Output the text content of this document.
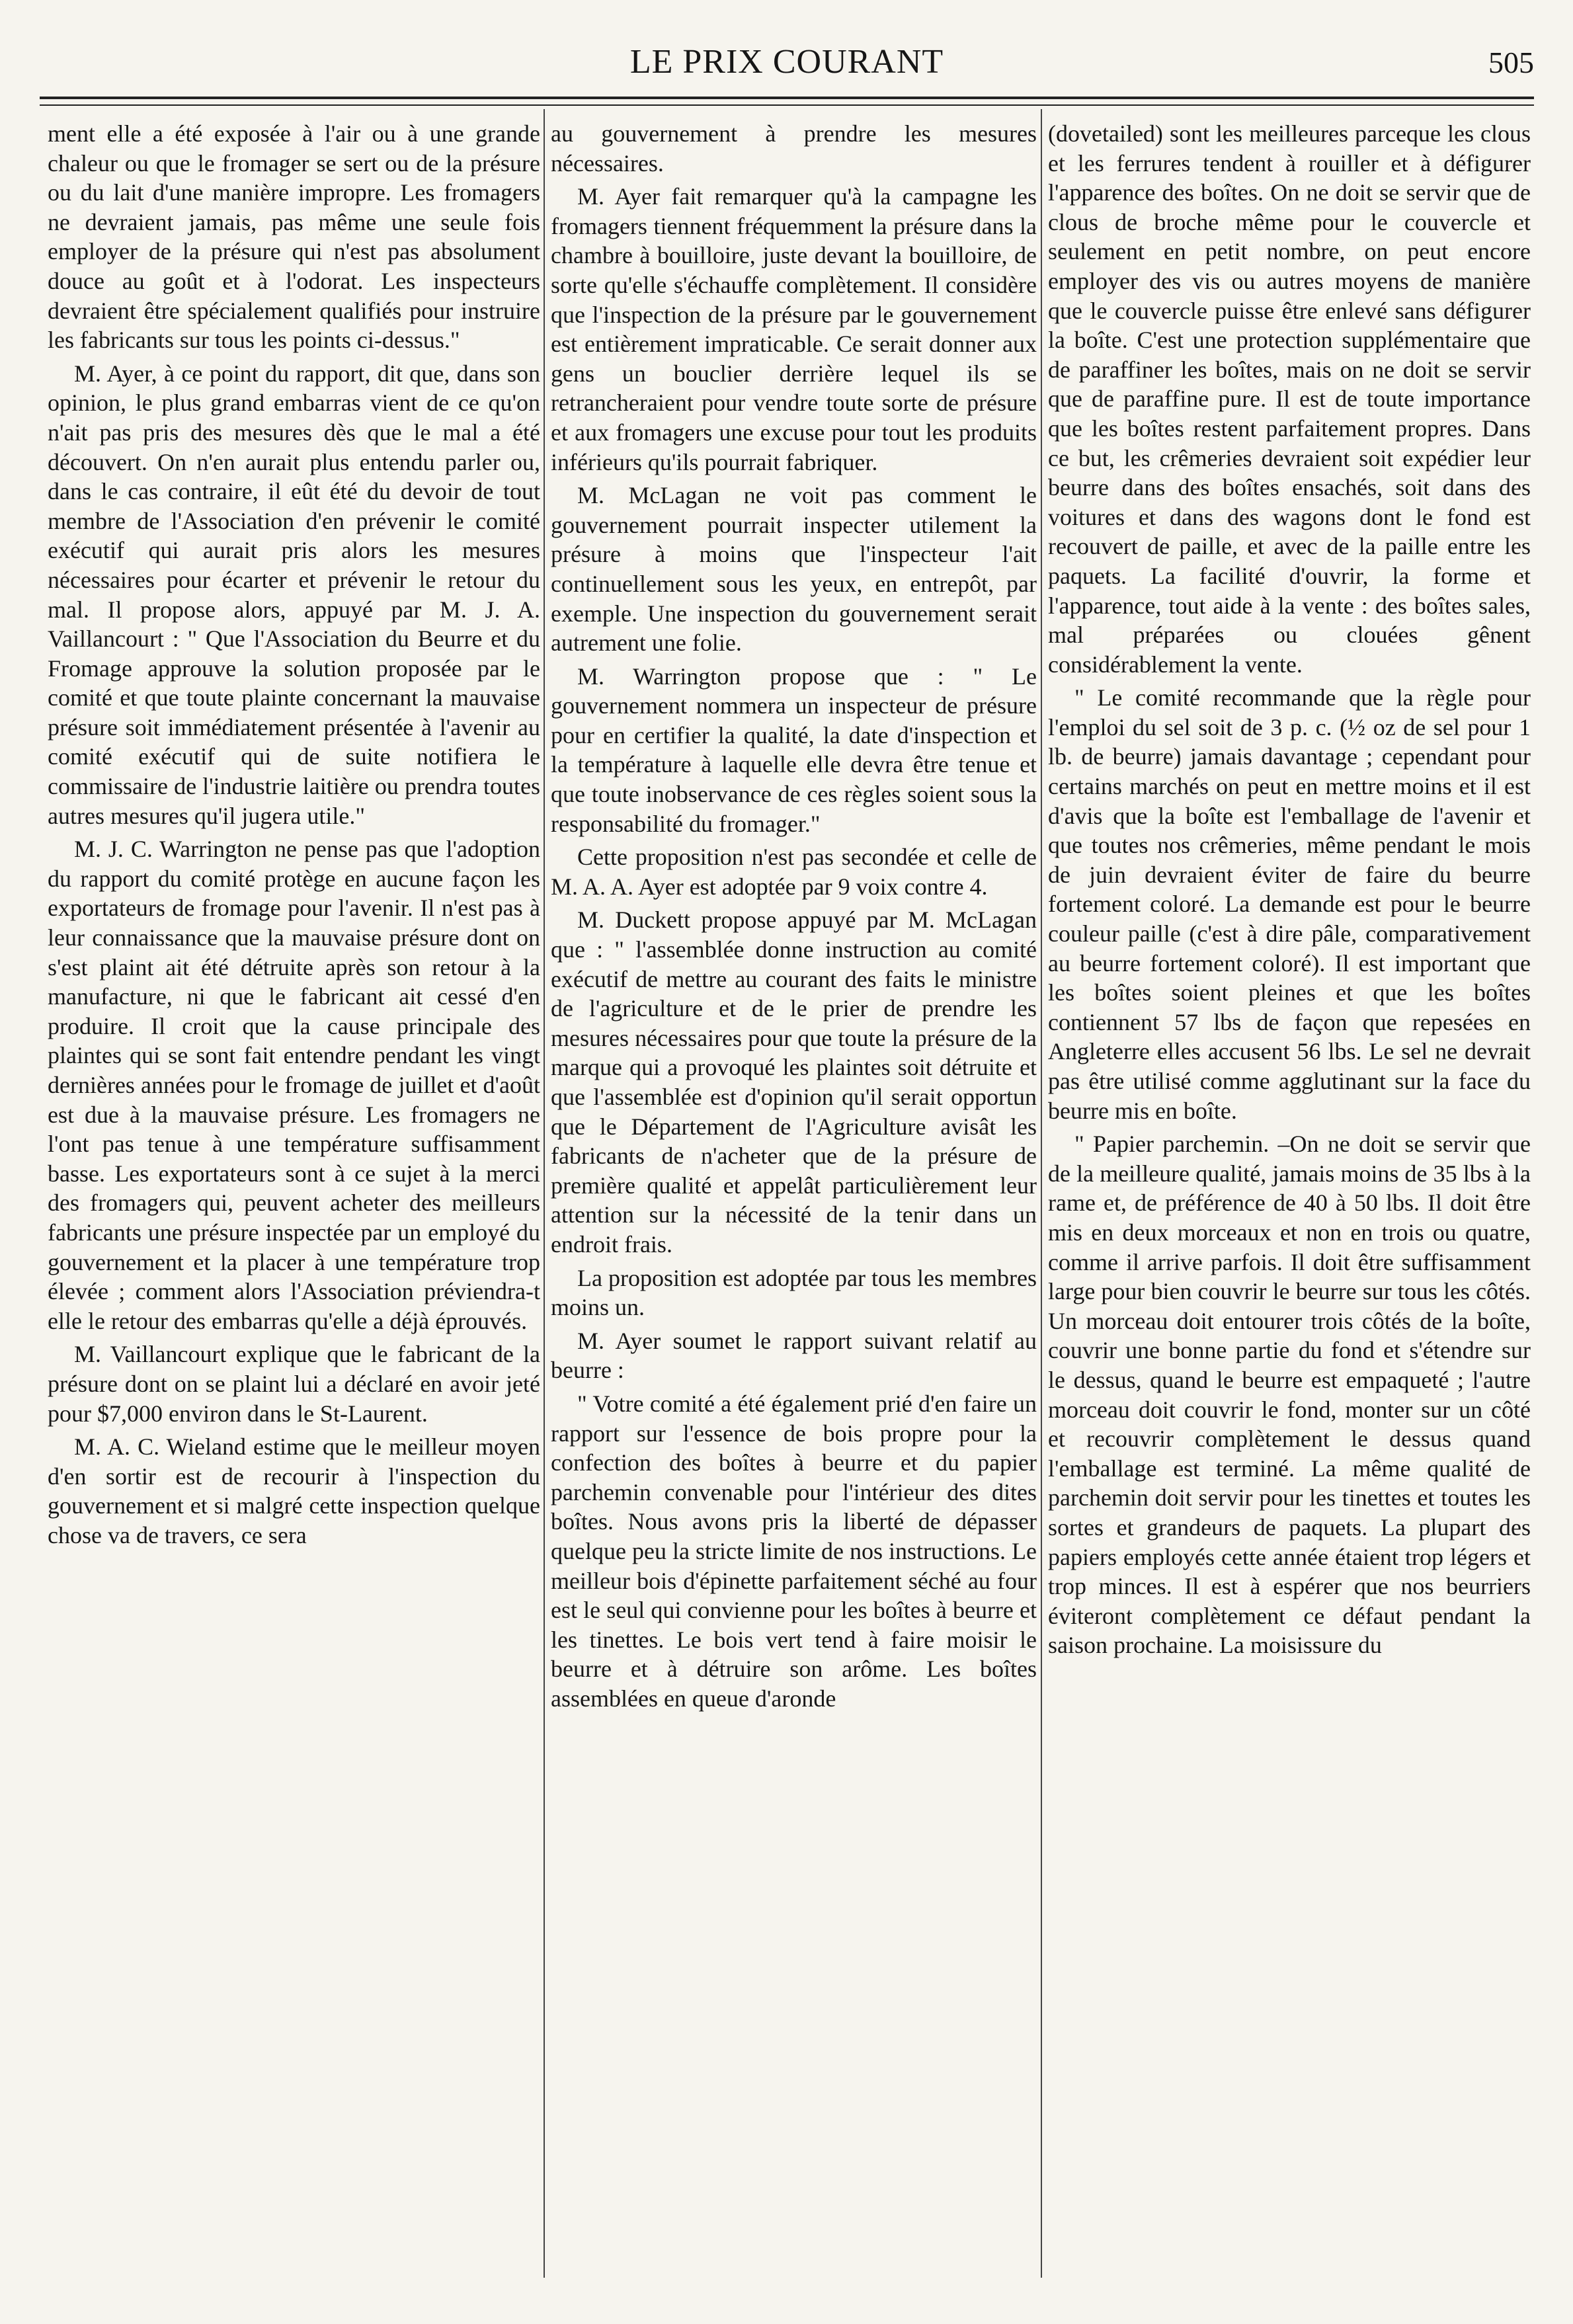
LE PRIX COURANT	505

ment elle a été exposée à l'air ou à une grande chaleur ou que le fromager se sert ou de la présure ou du lait d'une manière impropre. Les fromagers ne devraient jamais, pas même une seule fois employer de la présure qui n'est pas absolument douce au goût et à l'odorat. Les inspecteurs devraient être spécialement qualifiés pour instruire les fabricants sur tous les points ci-dessus."

M. Ayer, à ce point du rapport, dit que, dans son opinion, le plus grand embarras vient de ce qu'on n'ait pas pris des mesures dès que le mal a été découvert. On n'en aurait plus entendu parler ou, dans le cas contraire, il eût été du devoir de tout membre de l'Association d'en prévenir le comité exécutif qui aurait pris alors les mesures nécessaires pour écarter et prévenir le retour du mal. Il propose alors, appuyé par M. J. A. Vaillancourt : " Que l'Association du Beurre et du Fromage approuve la solution proposée par le comité et que toute plainte concernant la mauvaise présure soit immédiatement présentée à l'avenir au comité exécutif qui de suite notifiera le commissaire de l'industrie laitière ou prendra toutes autres mesures qu'il jugera utile."

M. J. C. Warrington ne pense pas que l'adoption du rapport du comité protège en aucune façon les exportateurs de fromage pour l'avenir. Il n'est pas à leur connaissance que la mauvaise présure dont on s'est plaint ait été détruite après son retour à la manufacture, ni que le fabricant ait cessé d'en produire. Il croit que la cause principale des plaintes qui se sont fait entendre pendant les vingt dernières années pour le fromage de juillet et d'août est due à la mauvaise présure. Les fromagers ne l'ont pas tenue à une température suffisamment basse. Les exportateurs sont à ce sujet à la merci des fromagers qui, peuvent acheter des meilleurs fabricants une présure inspectée par un employé du gouvernement et la placer à une température trop élevée ; comment alors l'Association préviendra-t elle le retour des embarras qu'elle a déjà éprouvés.

M. Vaillancourt explique que le fabricant de la présure dont on se plaint lui a déclaré en avoir jeté pour $7,000 environ dans le St-Laurent.

M. A. C. Wieland estime que le meilleur moyen d'en sortir est de recourir à l'inspection du gouvernement et si malgré cette inspection quelque chose va de travers, ce sera

au gouvernement à prendre les mesures nécessaires.

M. Ayer fait remarquer qu'à la campagne les fromagers tiennent fréquemment la présure dans la chambre à bouilloire, juste devant la bouilloire, de sorte qu'elle s'échauffe complètement. Il considère que l'inspection de la présure par le gouvernement est entièrement impraticable. Ce serait donner aux gens un bouclier derrière lequel ils se retrancheraient pour vendre toute sorte de présure et aux fromagers une excuse pour tout les produits inférieurs qu'ils pourrait fabriquer.

M. McLagan ne voit pas comment le gouvernement pourrait inspecter utilement la présure à moins que l'inspecteur l'ait continuellement sous les yeux, en entrepôt, par exemple. Une inspection du gouvernement serait autrement une folie.

M. Warrington propose que : " Le gouvernement nommera un inspecteur de présure pour en certifier la qualité, la date d'inspection et la température à laquelle elle devra être tenue et que toute inobservance de ces règles soient sous la responsabilité du fromager."

Cette proposition n'est pas secondée et celle de M. A. A. Ayer est adoptée par 9 voix contre 4.

M. Duckett propose appuyé par M. McLagan que : " l'assemblée donne instruction au comité exécutif de mettre au courant des faits le ministre de l'agriculture et de le prier de prendre les mesures nécessaires pour que toute la présure de la marque qui a provoqué les plaintes soit détruite et que l'assemblée est d'opinion qu'il serait opportun que le Département de l'Agriculture avisât les fabricants de n'acheter que de la présure de première qualité et appelât particulièrement leur attention sur la nécessité de la tenir dans un endroit frais.

La proposition est adoptée par tous les membres moins un.

M. Ayer soumet le rapport suivant relatif au beurre :

" Votre comité a été également prié d'en faire un rapport sur l'essence de bois propre pour la confection des boîtes à beurre et du papier parchemin convenable pour l'intérieur des dites boîtes. Nous avons pris la liberté de dépasser quelque peu la stricte limite de nos instructions. Le meilleur bois d'épinette parfaitement séché au four est le seul qui convienne pour les boîtes à beurre et les tinettes. Le bois vert tend à faire moisir le beurre et à détruire son arôme. Les boîtes assemblées en queue d'aronde

(dovetailed) sont les meilleures parceque les clous et les ferrures tendent à rouiller et à défigurer l'apparence des boîtes. On ne doit se servir que de clous de broche même pour le couvercle et seulement en petit nombre, on peut encore employer des vis ou autres moyens de manière que le couvercle puisse être enlevé sans défigurer la boîte. C'est une protection supplémentaire que de paraffiner les boîtes, mais on ne doit se servir que de paraffine pure. Il est de toute importance que les boîtes restent parfaitement propres. Dans ce but, les crêmeries devraient soit expédier leur beurre dans des boîtes ensachés, soit dans des voitures et dans des wagons dont le fond est recouvert de paille, et avec de la paille entre les paquets. La facilité d'ouvrir, la forme et l'apparence, tout aide à la vente : des boîtes sales, mal préparées ou clouées gênent considérablement la vente.

" Le comité recommande que la règle pour l'emploi du sel soit de 3 p. c. (½ oz de sel pour 1 lb. de beurre) jamais davantage ; cependant pour certains marchés on peut en mettre moins et il est d'avis que la boîte est l'emballage de l'avenir et que toutes nos crêmeries, même pendant le mois de juin devraient éviter de faire du beurre fortement coloré. La demande est pour le beurre couleur paille (c'est à dire pâle, comparativement au beurre fortement coloré). Il est important que les boîtes soient pleines et que les boîtes contiennent 57 lbs de façon que repesées en Angleterre elles accusent 56 lbs. Le sel ne devrait pas être utilisé comme agglutinant sur la face du beurre mis en boîte.

" Papier parchemin. –On ne doit se servir que de la meilleure qualité, jamais moins de 35 lbs à la rame et, de préférence de 40 à 50 lbs. Il doit être mis en deux morceaux et non en trois ou quatre, comme il arrive parfois. Il doit être suffisamment large pour bien couvrir le beurre sur tous les côtés. Un morceau doit entourer trois côtés de la boîte, couvrir une bonne partie du fond et s'étendre sur le dessus, quand le beurre est empaqueté ; l'autre morceau doit couvrir le fond, monter sur un côté et recouvrir complètement le dessus quand l'emballage est terminé. La même qualité de parchemin doit servir pour les tinettes et toutes les sortes et grandeurs de paquets. La plupart des papiers employés cette année étaient trop légers et trop minces. Il est à espérer que nos beurriers éviteront complètement ce défaut pendant la saison prochaine. La moisissure du
